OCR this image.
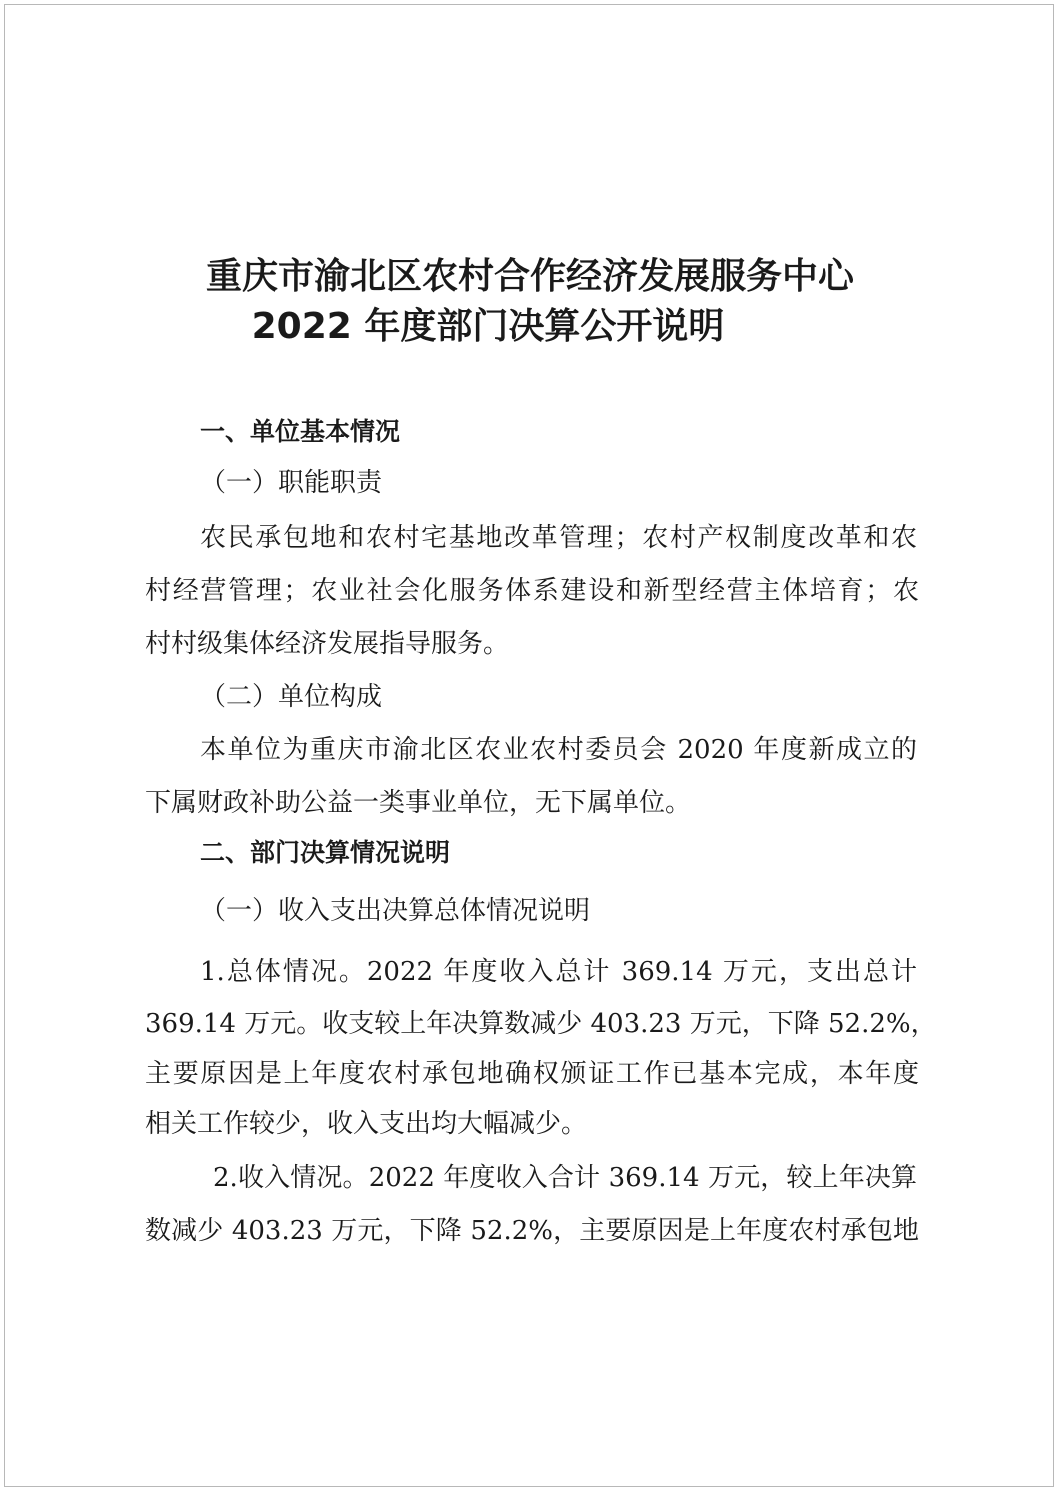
重庆市渝北区农村合作经济发展服务中心
2022 年度部门决算公开说明

一、单位基本情况

（一）职能职责

农民承包地和农村宅基地改革管理；农村产权制度改革和农

村经营管理；农业社会化服务体系建设和新型经营主体培育；农

村村级集体经济发展指导服务。

（二）单位构成

本单位为重庆市渝北区农业农村委员会 2020 年度新成立的

下属财政补助公益一类事业单位，无下属单位。

二、部门决算情况说明

（一）收入支出决算总体情况说明

1.总体情况。2022 年度收入总计 369.14 万元，支出总计

369.14 万元。收支较上年决算数减少 403.23 万元，下降 52.2%，

主要原因是上年度农村承包地确权颁证工作已基本完成，本年度

相关工作较少，收入支出均大幅减少。

2.收入情况。2022 年度收入合计 369.14 万元，较上年决算

数减少 403.23 万元，下降 52.2%，主要原因是上年度农村承包地
